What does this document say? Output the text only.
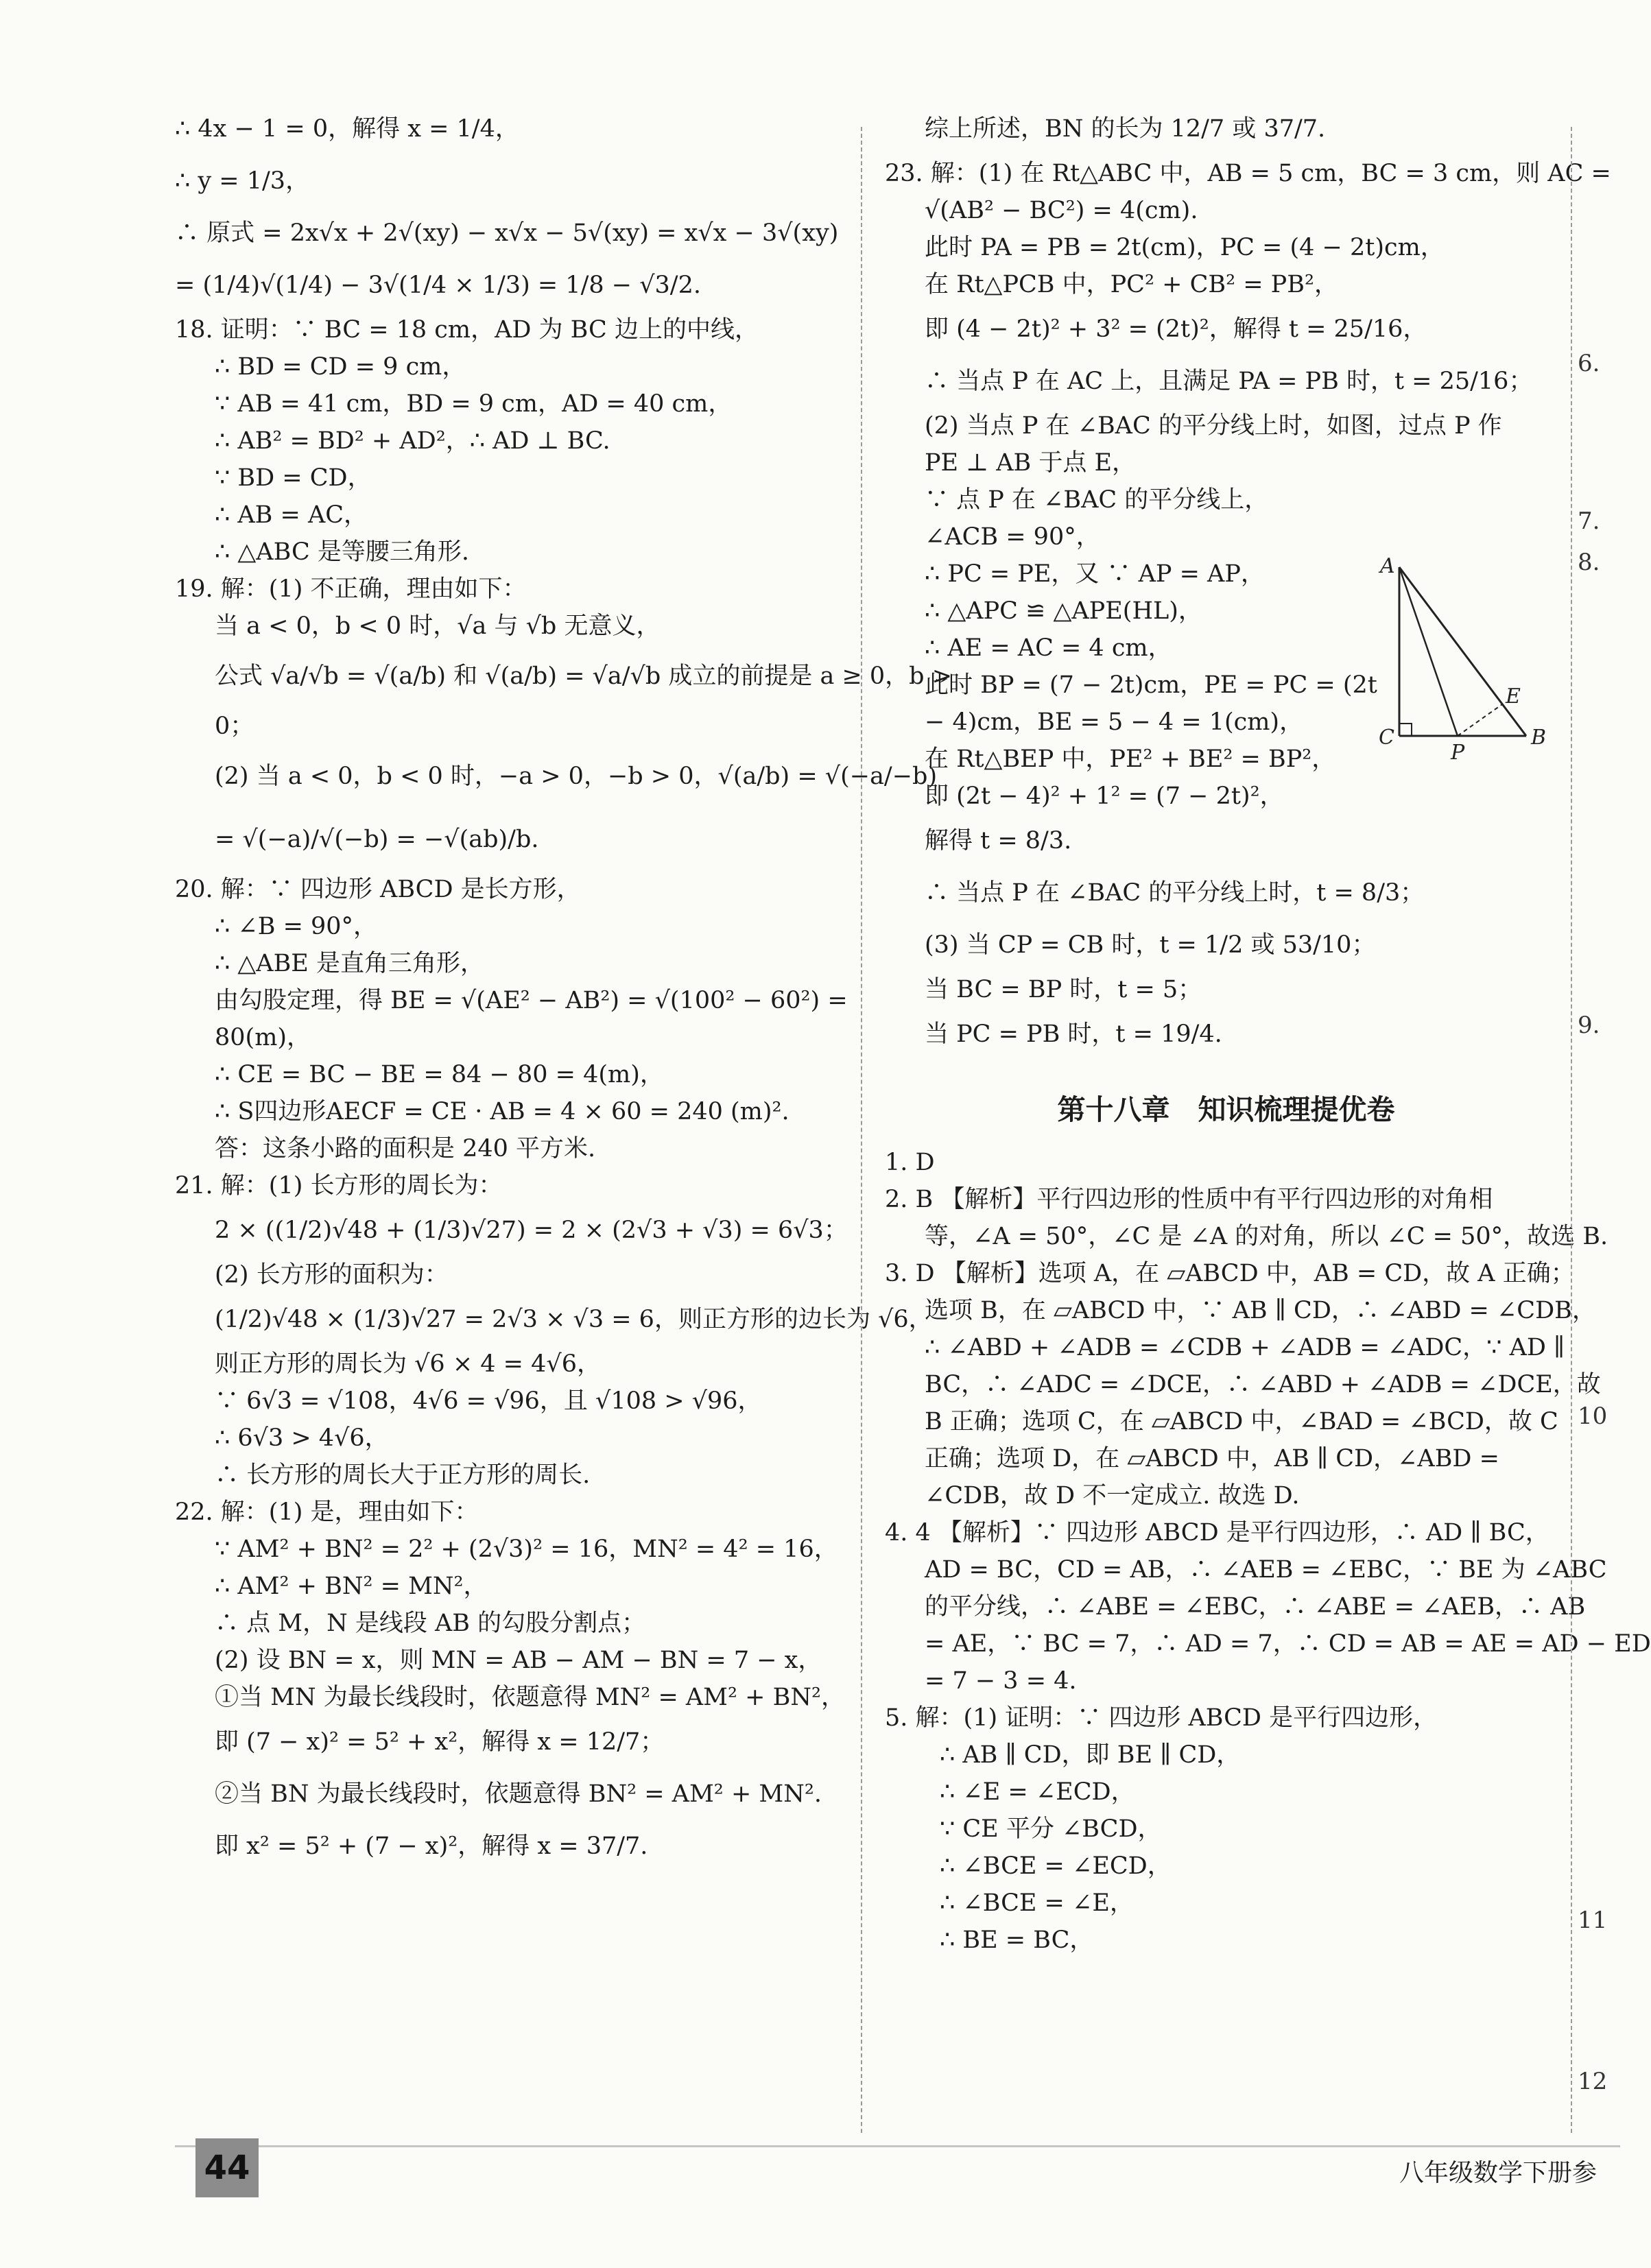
∴ 4x − 1 = 0，解得 x = 1/4，
∴ y = 1/3，
∴ 原式 = 2x√x + 2√(xy) − x√x − 5√(xy) = x√x − 3√(xy)
= (1/4)√(1/4) − 3√(1/4 × 1/3) = 1/8 − √3/2.
18. 证明：∵ BC = 18 cm，AD 为 BC 边上的中线，
∴ BD = CD = 9 cm，
∵ AB = 41 cm，BD = 9 cm，AD = 40 cm，
∴ AB² = BD² + AD²，∴ AD ⊥ BC.
∵ BD = CD，
∴ AB = AC，
∴ △ABC 是等腰三角形.
19. 解：(1) 不正确，理由如下：
当 a < 0，b < 0 时，√a 与 √b 无意义，
公式 √a/√b = √(a/b) 和 √(a/b) = √a/√b 成立的前提是 a ≥ 0，b >
0；
(2) 当 a < 0，b < 0 时，−a > 0，−b > 0，√(a/b) = √(−a/−b)
= √(−a)/√(−b) = −√(ab)/b.
20. 解：∵ 四边形 ABCD 是长方形，
∴ ∠B = 90°，
∴ △ABE 是直角三角形，
由勾股定理，得 BE = √(AE² − AB²) = √(100² − 60²) =
80(m)，
∴ CE = BC − BE = 84 − 80 = 4(m)，
∴ S四边形AECF = CE · AB = 4 × 60 = 240 (m)².
答：这条小路的面积是 240 平方米.
21. 解：(1) 长方形的周长为：
2 × ((1/2)√48 + (1/3)√27) = 2 × (2√3 + √3) = 6√3；
(2) 长方形的面积为：
(1/2)√48 × (1/3)√27 = 2√3 × √3 = 6，则正方形的边长为 √6，
则正方形的周长为 √6 × 4 = 4√6，
∵ 6√3 = √108，4√6 = √96，且 √108 > √96，
∴ 6√3 > 4√6，
∴ 长方形的周长大于正方形的周长.
22. 解：(1) 是，理由如下：
∵ AM² + BN² = 2² + (2√3)² = 16，MN² = 4² = 16，
∴ AM² + BN² = MN²，
∴ 点 M，N 是线段 AB 的勾股分割点；
(2) 设 BN = x，则 MN = AB − AM − BN = 7 − x，
①当 MN 为最长线段时，依题意得 MN² = AM² + BN²，
即 (7 − x)² = 5² + x²，解得 x = 12/7；
②当 BN 为最长线段时，依题意得 BN² = AM² + MN².
即 x² = 5² + (7 − x)²，解得 x = 37/7.
综上所述，BN 的长为 12/7 或 37/7.
23. 解：(1) 在 Rt△ABC 中，AB = 5 cm，BC = 3 cm，则 AC =
√(AB² − BC²) = 4(cm).
此时 PA = PB = 2t(cm)，PC = (4 − 2t)cm，
在 Rt△PCB 中，PC² + CB² = PB²，
即 (4 − 2t)² + 3² = (2t)²，解得 t = 25/16，
∴ 当点 P 在 AC 上，且满足 PA = PB 时，t = 25/16；
(2) 当点 P 在 ∠BAC 的平分线上时，如图，过点 P 作
PE ⊥ AB 于点 E，
∵ 点 P 在 ∠BAC 的平分线上，
∠ACB = 90°，
∴ PC = PE，又 ∵ AP = AP，
∴ △APC ≌ △APE(HL)，
∴ AE = AC = 4 cm，
此时 BP = (7 − 2t)cm，PE = PC = (2t
− 4)cm，BE = 5 − 4 = 1(cm)，
在 Rt△BEP 中，PE² + BE² = BP²，
即 (2t − 4)² + 1² = (7 − 2t)²，
解得 t = 8/3.
∴ 当点 P 在 ∠BAC 的平分线上时，t = 8/3；
(3) 当 CP = CB 时，t = 1/2 或 53/10；
当 BC = BP 时，t = 5；
当 PC = PB 时，t = 19/4.
第十八章　知识梳理提优卷
1. D
2. B 【解析】平行四边形的性质中有平行四边形的对角相
等，∠A = 50°，∠C 是 ∠A 的对角，所以 ∠C = 50°，故选 B.
3. D 【解析】选项 A，在 ▱ABCD 中，AB = CD，故 A 正确；
选项 B，在 ▱ABCD 中，∵ AB ∥ CD，∴ ∠ABD = ∠CDB，
∴ ∠ABD + ∠ADB = ∠CDB + ∠ADB = ∠ADC，∵ AD ∥
BC，∴ ∠ADC = ∠DCE，∴ ∠ABD + ∠ADB = ∠DCE，故
B 正确；选项 C，在 ▱ABCD 中，∠BAD = ∠BCD，故 C
正确；选项 D，在 ▱ABCD 中，AB ∥ CD，∠ABD =
∠CDB，故 D 不一定成立. 故选 D.
4. 4 【解析】∵ 四边形 ABCD 是平行四边形，∴ AD ∥ BC，
AD = BC，CD = AB，∴ ∠AEB = ∠EBC，∵ BE 为 ∠ABC
的平分线，∴ ∠ABE = ∠EBC，∴ ∠ABE = ∠AEB，∴ AB
= AE，∵ BC = 7，∴ AD = 7，∴ CD = AB = AE = AD − ED
= 7 − 3 = 4.
5. 解：(1) 证明：∵ 四边形 ABCD 是平行四边形，
∴ AB ∥ CD，即 BE ∥ CD，
∴ ∠E = ∠ECD，
∵ CE 平分 ∠BCD，
∴ ∠BCE = ∠ECD，
∴ ∠BCE = ∠E，
∴ BE = BC，
A
C
P
B
E
6.
7.
8.
9.
10
11
12
44	八年级数学下册参
